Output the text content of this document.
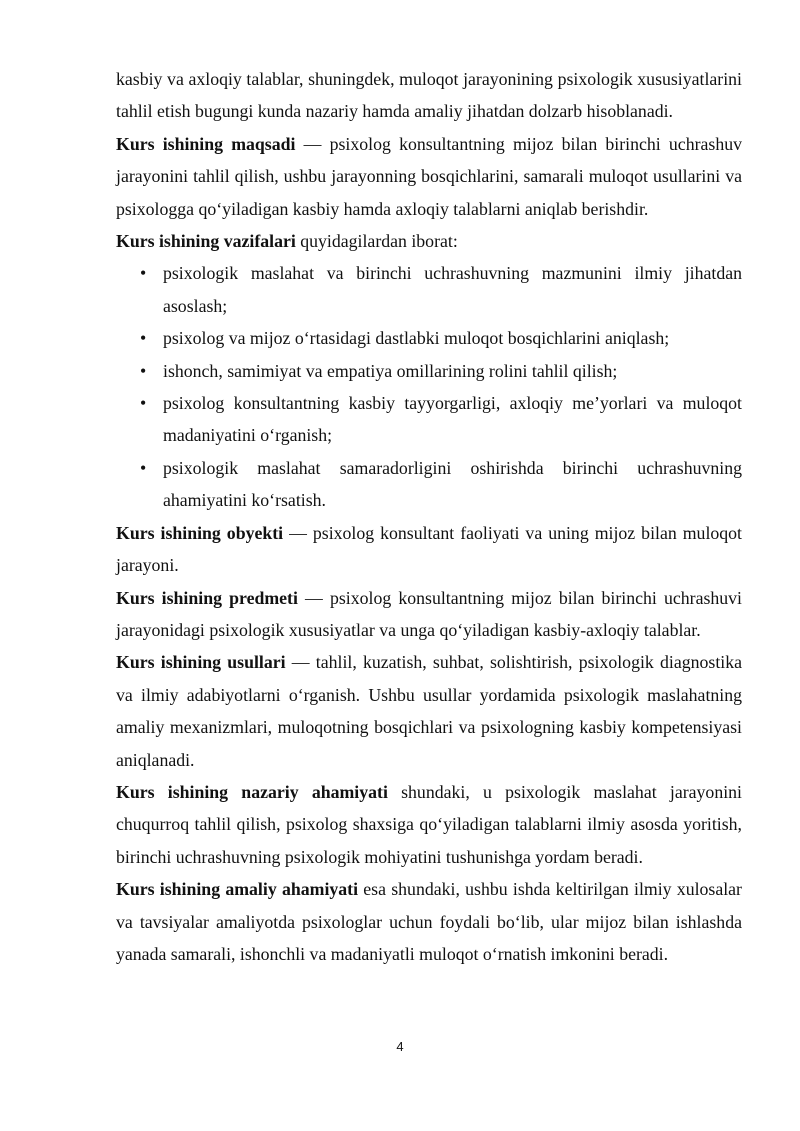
kasbiy va axloqiy talablar, shuningdek, muloqot jarayonining psixologik xususiyatlarini tahlil etish bugungi kunda nazariy hamda amaliy jihatdan dolzarb hisoblanadi.

Kurs ishining maqsadi — psixolog konsultantning mijoz bilan birinchi uchrashuv jarayonini tahlil qilish, ushbu jarayonning bosqichlarini, samarali muloqot usullarini va psixologga qo‘yiladigan kasbiy hamda axloqiy talablarni aniqlab berishdir.

Kurs ishining vazifalari quyidagilardan iborat:

• psixologik maslahat va birinchi uchrashuvning mazmunini ilmiy jihatdan asoslash;
• psixolog va mijoz o‘rtasidagi dastlabki muloqot bosqichlarini aniqlash;
• ishonch, samimiyat va empatiya omillarining rolini tahlil qilish;
• psixolog konsultantning kasbiy tayyorgarligi, axloqiy me’yorlari va muloqot madaniyatini o‘rganish;
• psixologik maslahat samaradorligini oshirishda birinchi uchrashuvning ahamiyatini ko‘rsatish.

Kurs ishining obyekti — psixolog konsultant faoliyati va uning mijoz bilan muloqot jarayoni.

Kurs ishining predmeti — psixolog konsultantning mijoz bilan birinchi uchrashuvi jarayonidagi psixologik xususiyatlar va unga qo‘yiladigan kasbiy-axloqiy talablar.

Kurs ishining usullari — tahlil, kuzatish, suhbat, solishtirish, psixologik diagnostika va ilmiy adabiyotlarni o‘rganish. Ushbu usullar yordamida psixologik maslahatning amaliy mexanizmlari, muloqotning bosqichlari va psixologning kasbiy kompetensiyasi aniqlanadi.

Kurs ishining nazariy ahamiyati shundaki, u psixologik maslahat jarayonini chuqurroq tahlil qilish, psixolog shaxsiga qo‘yiladigan talablarni ilmiy asosda yoritish, birinchi uchrashuvning psixologik mohiyatini tushunishga yordam beradi.

Kurs ishining amaliy ahamiyati esa shundaki, ushbu ishda keltirilgan ilmiy xulosalar va tavsiyalar amaliyotda psixologlar uchun foydali bo‘lib, ular mijoz bilan ishlashda yanada samarali, ishonchli va madaniyatli muloqot o‘rnatish imkonini beradi.

4
